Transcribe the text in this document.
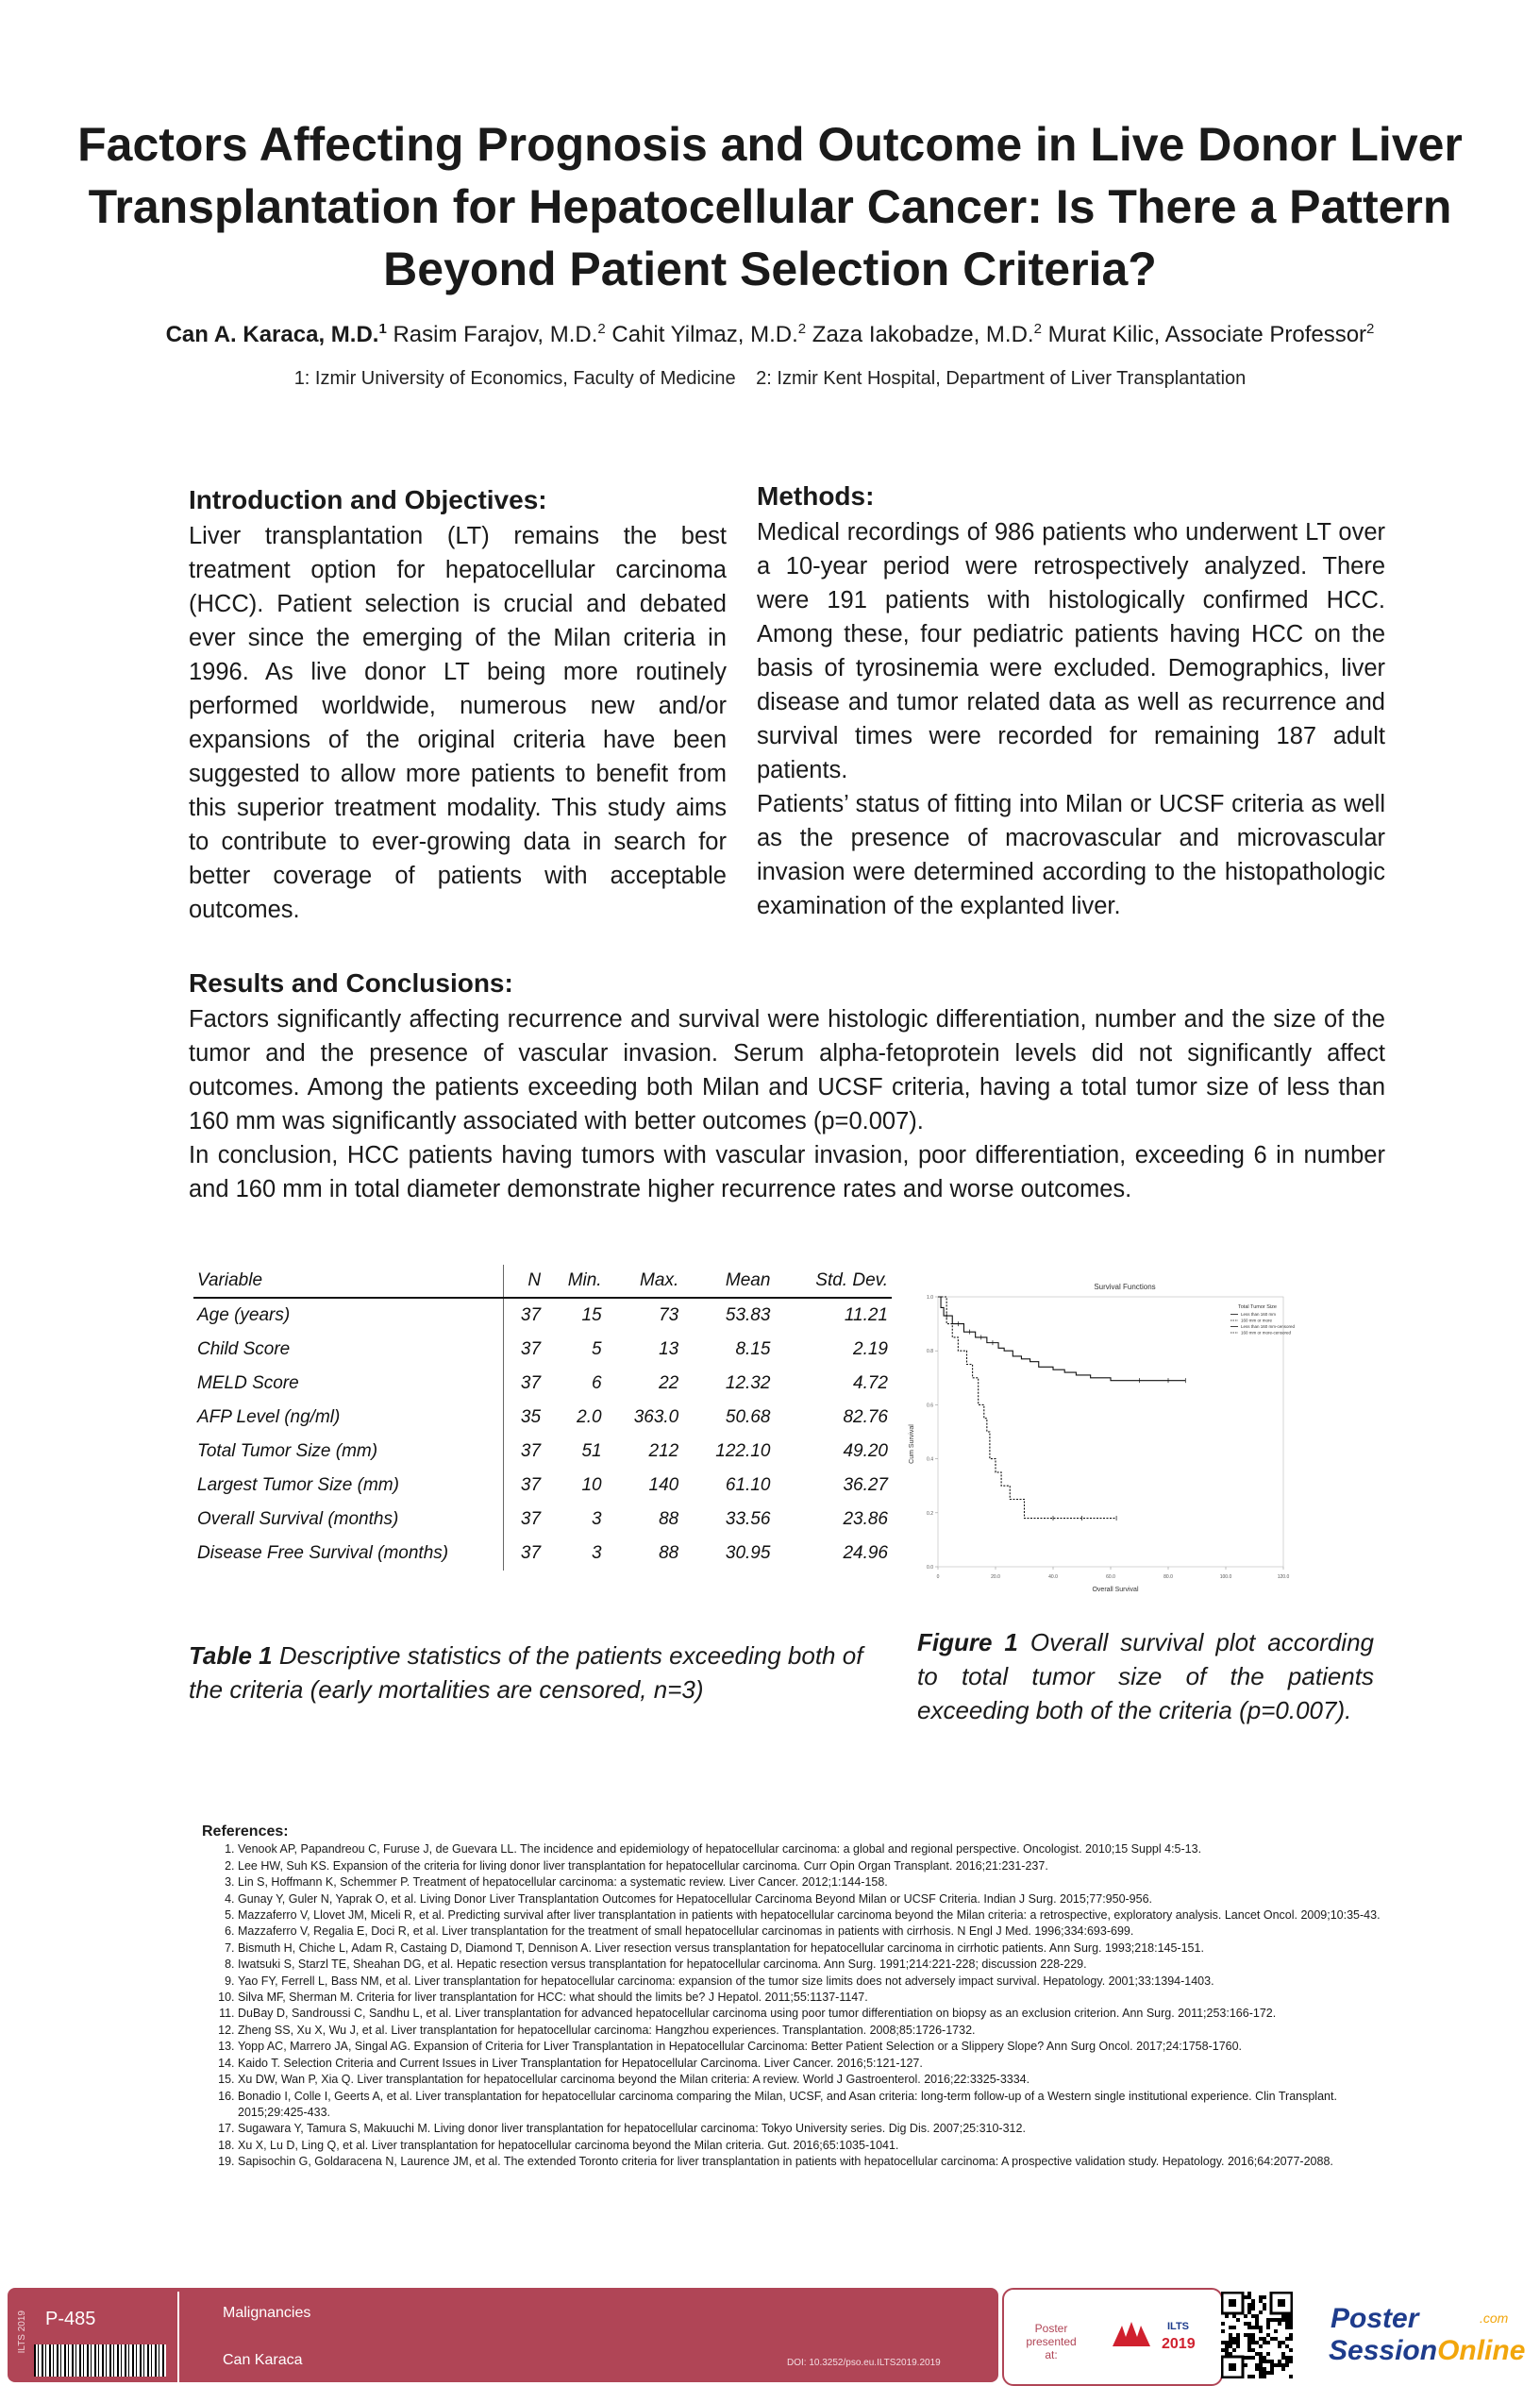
Factors Affecting Prognosis and Outcome in Live Donor Liver Transplantation for Hepatocellular Cancer: Is There a Pattern Beyond Patient Selection Criteria?
Can A. Karaca, M.D.$^1$ Rasim Farajov, M.D.$^2$ Cahit Yilmaz, M.D.$^2$ Zaza Iakobadze, M.D.$^2$ Murat Kilic, Associate Professor$^2$
1: Izmir University of Economics, Faculty of Medicine 2: Izmir Kent Hospital, Department of Liver Transplantation
Introduction and Objectives:

Liver transplantation (LT) remains the best treatment option for hepatocellular carcinoma (HCC). Patient selection is crucial and debated ever since the emerging of the Milan criteria in 1996. As live donor LT being more routinely performed worldwide, numerous new and/or expansions of the original criteria have been suggested to allow more patients to benefit from this superior treatment modality. This study aims to contribute to ever-growing data in search for better coverage of patients with acceptable outcomes.

Methods:

Medical recordings of 986 patients who underwent LT over a 10-year period were retrospectively analyzed. There were 191 patients with histologically confirmed HCC. Among these, four pediatric patients having HCC on the basis of tyrosinemia were excluded. Demographics, liver disease and tumor related data as well as recurrence and survival times were recorded for remaining 187 adult patients.

Patients’ status of fitting into Milan or UCSF criteria as well as the presence of macrovascular and microvascular invasion were determined according to the histopathologic examination of the explanted liver.

Results and Conclusions:

Factors significantly affecting recurrence and survival were histologic differentiation, number and the size of the tumor and the presence of vascular invasion. Serum alpha-fetoprotein levels did not significantly affect outcomes. Among the patients exceeding both Milan and UCSF criteria, having a total tumor size of less than 160 mm was significantly associated with better outcomes (p=0.007).

In conclusion, HCC patients having tumors with vascular invasion, poor differentiation, exceeding 6 in number and 160 mm in total diameter demonstrate higher recurrence rates and worse outcomes.

Variable	N	Min.	Max.	Mean	Std. Dev.
Age (years)	37	15	73	53.83	11.21
Child Score	37	5	13	8.15	2.19
MELD Score	37	6	22	12.32	4.72
AFP Level (ng/ml)	35	2.0	363.0	50.68	82.76
Total Tumor Size (mm)	37	51	212	122.10	49.20
Largest Tumor Size (mm)	37	10	140	61.10	36.27
Overall Survival (months)	37	3	88	33.56	23.86
Disease Free Survival (months)	37	3	88	30.95	24.96

Table 1 Descriptive statistics of the patients exceeding both of the criteria (early mortalities are censored, n=3)

Survival Functions
0	20.0	40.0	60.0	80.0	100.0	120.0
0.0
0.2
0.4
0.6
0.8
1.0
Overall Survival
Cum Survival
Total Tumor Size
Less than 160 mm
160 mm or more
Less than 160 mm-censored
160 mm or more-censored

Figure 1 Overall survival plot according to total tumor size of the patients exceeding both of the criteria (p=0.007).

References:
1. Venook AP, Papandreou C, Furuse J, de Guevara LL. The incidence and epidemiology of hepatocellular carcinoma: a global and regional perspective. Oncologist. 2010;15 Suppl 4:5-13.
2. Lee HW, Suh KS. Expansion of the criteria for living donor liver transplantation for hepatocellular carcinoma. Curr Opin Organ Transplant. 2016;21:231-237.
3. Lin S, Hoffmann K, Schemmer P. Treatment of hepatocellular carcinoma: a systematic review. Liver Cancer. 2012;1:144-158.
4. Gunay Y, Guler N, Yaprak O, et al. Living Donor Liver Transplantation Outcomes for Hepatocellular Carcinoma Beyond Milan or UCSF Criteria. Indian J Surg. 2015;77:950-956.
5. Mazzaferro V, Llovet JM, Miceli R, et al. Predicting survival after liver transplantation in patients with hepatocellular carcinoma beyond the Milan criteria: a retrospective, exploratory analysis. Lancet Oncol. 2009;10:35-43.
6. Mazzaferro V, Regalia E, Doci R, et al. Liver transplantation for the treatment of small hepatocellular carcinomas in patients with cirrhosis. N Engl J Med. 1996;334:693-699.
7. Bismuth H, Chiche L, Adam R, Castaing D, Diamond T, Dennison A. Liver resection versus transplantation for hepatocellular carcinoma in cirrhotic patients. Ann Surg. 1993;218:145-151.
8. Iwatsuki S, Starzl TE, Sheahan DG, et al. Hepatic resection versus transplantation for hepatocellular carcinoma. Ann Surg. 1991;214:221-228; discussion 228-229.
9. Yao FY, Ferrell L, Bass NM, et al. Liver transplantation for hepatocellular carcinoma: expansion of the tumor size limits does not adversely impact survival. Hepatology. 2001;33:1394-1403.
10. Silva MF, Sherman M. Criteria for liver transplantation for HCC: what should the limits be? J Hepatol. 2011;55:1137-1147.
11. DuBay D, Sandroussi C, Sandhu L, et al. Liver transplantation for advanced hepatocellular carcinoma using poor tumor differentiation on biopsy as an exclusion criterion. Ann Surg. 2011;253:166-172.
12. Zheng SS, Xu X, Wu J, et al. Liver transplantation for hepatocellular carcinoma: Hangzhou experiences. Transplantation. 2008;85:1726-1732.
13. Yopp AC, Marrero JA, Singal AG. Expansion of Criteria for Liver Transplantation in Hepatocellular Carcinoma: Better Patient Selection or a Slippery Slope? Ann Surg Oncol. 2017;24:1758-1760.
14. Kaido T. Selection Criteria and Current Issues in Liver Transplantation for Hepatocellular Carcinoma. Liver Cancer. 2016;5:121-127.
15. Xu DW, Wan P, Xia Q. Liver transplantation for hepatocellular carcinoma beyond the Milan criteria: A review. World J Gastroenterol. 2016;22:3325-3334.
16. Bonadio I, Colle I, Geerts A, et al. Liver transplantation for hepatocellular carcinoma comparing the Milan, UCSF, and Asan criteria: long-term follow-up of a Western single institutional experience. Clin Transplant. 2015;29:425-433.
17. Sugawara Y, Tamura S, Makuuchi M. Living donor liver transplantation for hepatocellular carcinoma: Tokyo University series. Dig Dis. 2007;25:310-312.
18. Xu X, Lu D, Ling Q, et al. Liver transplantation for hepatocellular carcinoma beyond the Milan criteria. Gut. 2016;65:1035-1041.
19. Sapisochin G, Goldaracena N, Laurence JM, et al. The extended Toronto criteria for liver transplantation in patients with hepatocellular carcinoma: A prospective validation study. Hepatology. 2016;64:2077-2088.
ILTS 2019 P-485	Malignancies
Can Karaca	DOI: 10.3252/pso.eu.ILTS2019.2019
Poster presented at:
ILTS
2019
Poster	.com
SessionOnline
